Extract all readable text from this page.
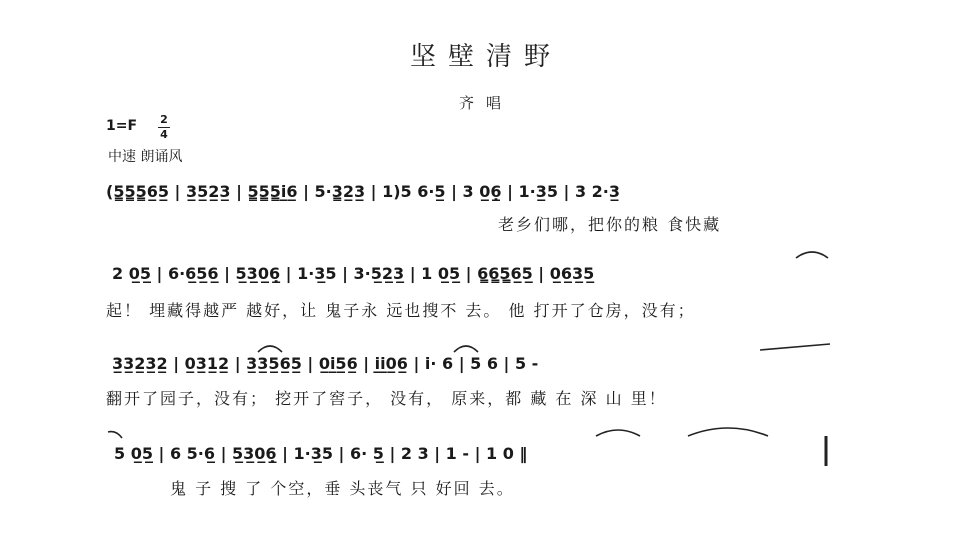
坚壁清野
齐唱
1=F 2
4
中速 朗诵风
(5̳5̳5̳6̲5̲ | 3̲5̲2̲3̲ | 5̳5̳5̳i̲6̲ | 5·3̳2̲3̲ | 1)5 6·5̲ | 3 0̲6̣̲ | 1·3̲5 | 3 2·3̲
老乡们哪，把你的粮 食快藏
2 0̲5̲ | 6·6̲5̲6̲ | 5̲3̲0̲6̣̲ | 1·3̲5 | 3·5̲2̲3̲ | 1 0̲5̲ | 6̳6̳5̳6̲5̲ | 0̲6̲3̲5̲
起！ 埋藏得越严 越好，让 鬼子永 远也搜不 去。 他 打开了仓房，没有；
3̲3̲2̲3̲2̲ | 0̲3̲1̲2̲ | 3̲3̲5̲6̲5̲ | 0̲i̲5̲6̲ | i̲i̲0̲6̲ | i· 6 | 5 6 | 5 -
翻开了园子，没有； 挖开了窖子， 没有， 原来，都 藏 在 深 山 里！
5 0̲5̲ | 6 5·6̲ | 5̲3̲0̲6̣̲ | 1·3̲5 | 6· 5̲ | 2 3 | 1 - | 1 0 ‖
鬼 子 搜 了 个空，垂 头丧气 只 好回 去。
